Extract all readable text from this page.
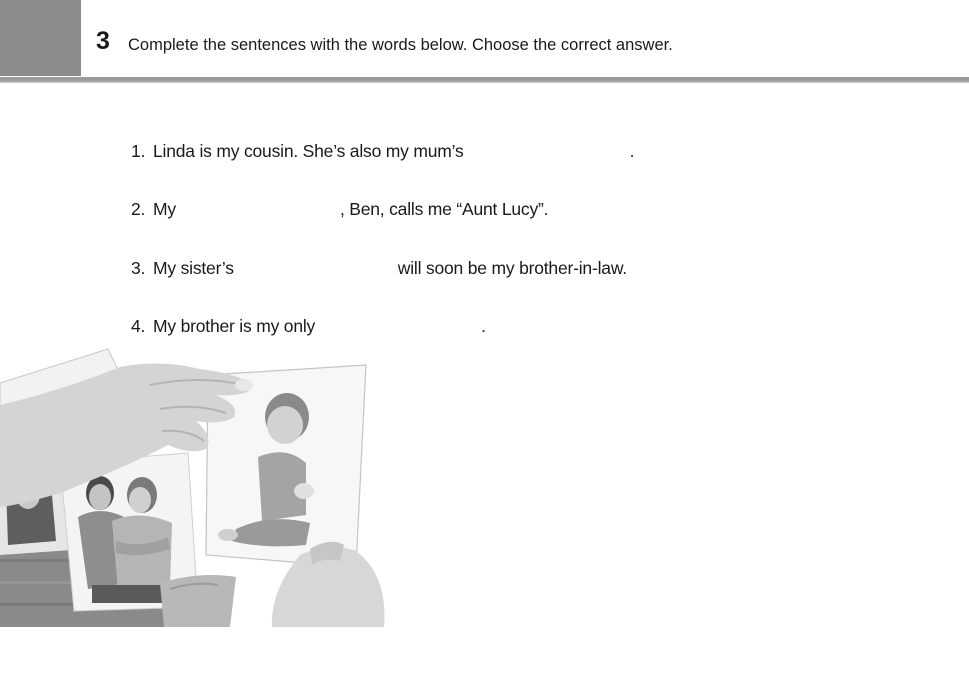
3 Complete the sentences with the words below. Choose the correct answer.
1. Linda is my cousin. She’s also my mum’s	.
2. My	, Ben, calls me “Aunt Lucy”.
3. My sister’s	will soon be my brother-in-law.
4. My brother is my only	.
